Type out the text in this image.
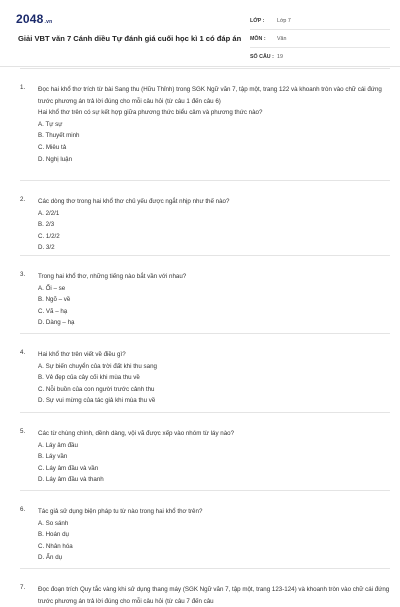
2048.vn
Giải VBT văn 7 Cánh diều Tự đánh giá cuối học kì 1 có đáp án
LỚP :	Lớp 7
MÔN :	Văn
SỐ CÂU : 19
1. Đọc hai khổ thơ trích từ bài Sang thu (Hữu Thỉnh) trong SGK Ngữ văn 7, tập một, trang 122 và khoanh tròn vào chữ cái đứng trước phương án trả lời đúng cho mỗi câu hỏi (từ câu 1 đến câu 6)
Hai khổ thơ trên có sự kết hợp giữa phương thức biểu cảm và phương thức nào?
A. Tự sự
B. Thuyết minh
C. Miêu tả
D. Nghị luận
2. Các dòng thơ trong hai khổ thơ chủ yếu được ngắt nhịp như thế nào?
A. 2/2/1
B. 2/3
C. 1/2/2
D. 3/2
3. Trong hai khổ thơ, những tiếng nào bắt vần với nhau?
A. Ổi – se
B. Ngõ – về
C. Vã – hạ
D. Dàng – hạ
4. Hai khổ thơ trên viết về điều gì?
A. Sự biến chuyển của trời đất khi thu sang
B. Vẻ đẹp của cây cối khi mùa thu về
C. Nỗi buồn của con người trước cảnh thu
D. Sự vui mừng của tác giả khi mùa thu về
5. Các từ chùng chình, dềnh dàng, vội vã được xếp vào nhóm từ láy nào?
A. Láy âm đầu
B. Láy vần
C. Láy âm đầu và vần
D. Láy âm đầu và thanh
6. Tác giả sử dụng biện pháp tu từ nào trong hai khổ thơ trên?
A. So sánh
B. Hoán dụ
C. Nhân hóa
D. Ẩn dụ
7. Đọc đoạn trích Quy tắc vàng khi sử dụng thang máy (SGK Ngữ văn 7, tập một, trang 123-124) và khoanh tròn vào chữ cái đứng trước phương án trả lời đúng cho mỗi câu hỏi (từ câu 7 đến câu
